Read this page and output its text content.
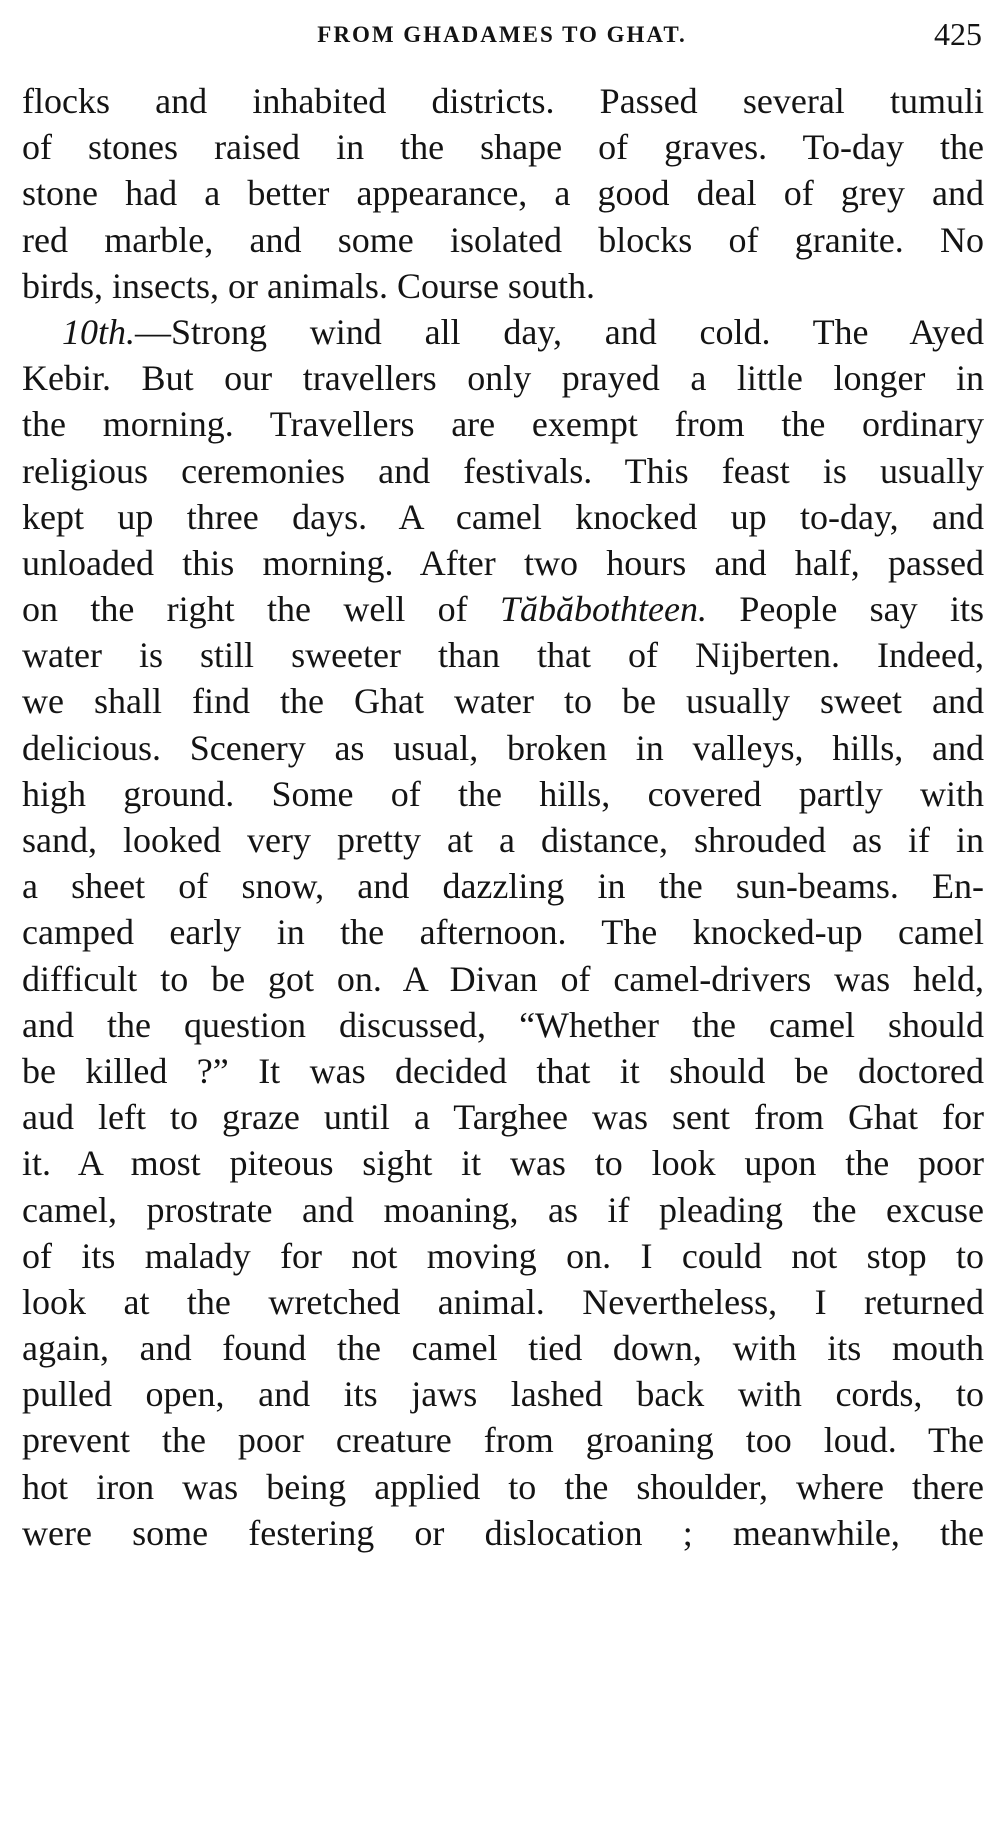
FROM GHADAMES TO GHAT.	425
flocks and inhabited districts. Passed several tumuli
of stones raised in the shape of graves. To-day the
stone had a better appearance, a good deal of grey and
red marble, and some isolated blocks of granite. No
birds, insects, or animals. Course south.
10th.—Strong wind all day, and cold. The Ayed
Kebir. But our travellers only prayed a little longer in
the morning. Travellers are exempt from the ordinary
religious ceremonies and festivals. This feast is usually
kept up three days. A camel knocked up to-day, and
unloaded this morning. After two hours and half, passed
on the right the well of Tăbăbothteen. People say its
water is still sweeter than that of Nijberten. Indeed,
we shall find the Ghat water to be usually sweet and
delicious. Scenery as usual, broken in valleys, hills, and
high ground. Some of the hills, covered partly with
sand, looked very pretty at a distance, shrouded as if in
a sheet of snow, and dazzling in the sun-beams. En-
camped early in the afternoon. The knocked-up camel
difficult to be got on. A Divan of camel-drivers was held,
and the question discussed, “Whether the camel should
be killed ?” It was decided that it should be doctored
aud left to graze until a Targhee was sent from Ghat for
it. A most piteous sight it was to look upon the poor
camel, prostrate and moaning, as if pleading the excuse
of its malady for not moving on. I could not stop to
look at the wretched animal. Nevertheless, I returned
again, and found the camel tied down, with its mouth
pulled open, and its jaws lashed back with cords, to
prevent the poor creature from groaning too loud. The
hot iron was being applied to the shoulder, where there
were some festering or dislocation ; meanwhile, the
